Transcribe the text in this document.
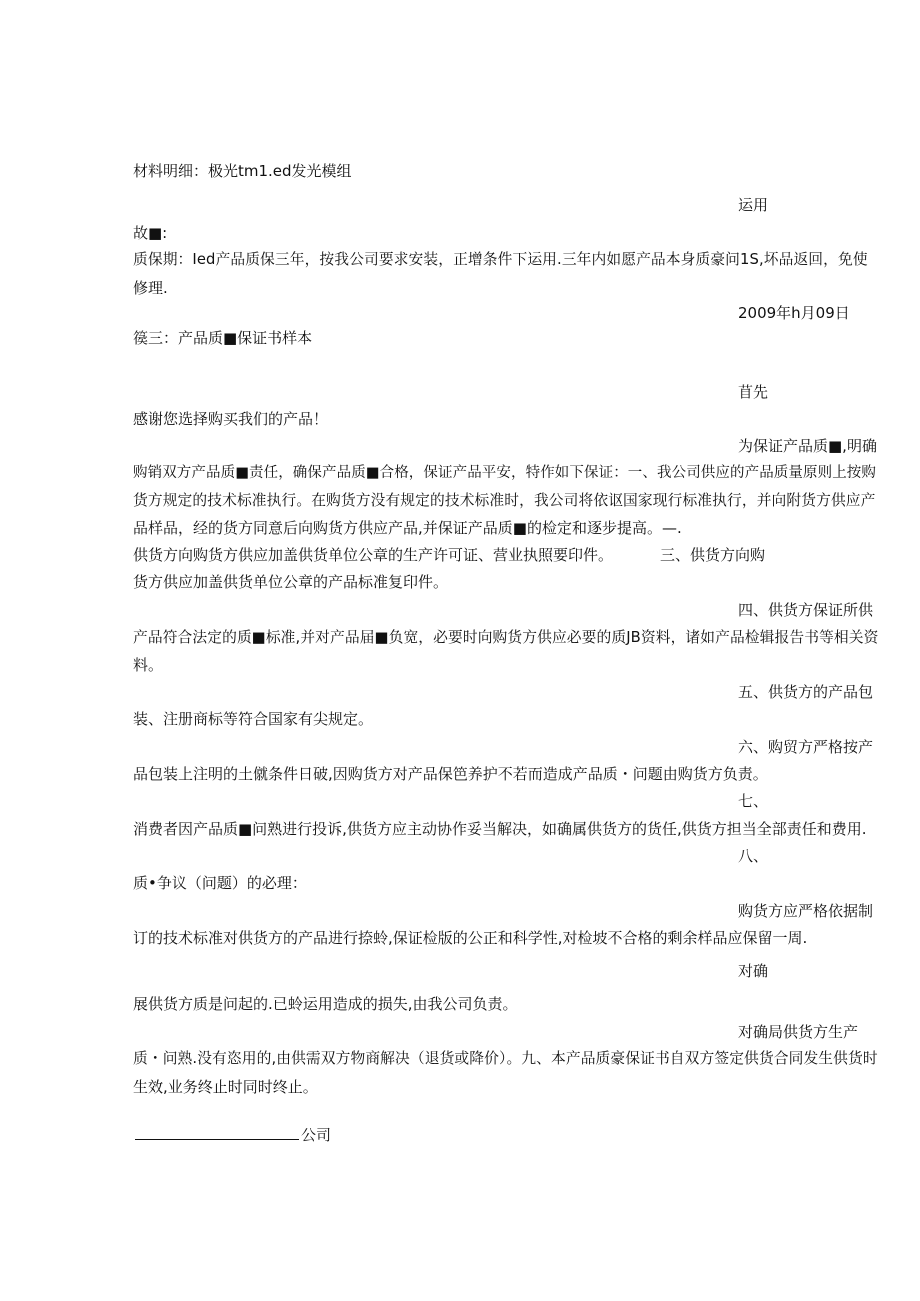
材料明细：极光tm1.ed发光模组
运用
故■:
质保期：Ied产品质保三年，按我公司要求安装，正增条件下运用.三年内如愿产品本身质豪问1S,坏品返回，免使
修理.
2009年h月09日
篌三：产品质■保证书样本
苜先
感谢您选择购买我们的产品！
为保证产品质■,明确
购销双方产品质■责任，确保产品质■合格，保证产品平安，特作如下保证：一、我公司供应的产品质量原则上按购
货方规定的技术标准执行。在购货方没有规定的技术标准时，我公司将依讴国家现行标准执行，并向附货方供应产
品样品，经的货方同意后向购货方供应产品,并保证产品质■的检定和逐步提高。—.
供货方向购货方供应加盖供货单位公章的生产许可证、营业执照要印件。	三、供货方向购
货方供应加盖供货单位公章的产品标准复印件。
四、供货方保证所供
产品符合法定的质■标准,并对产品届■负宽，必要时向购货方供应必要的质JB资料，诸如产品检辑报告书等相关资
料。
五、供货方的产品包
装、注册商标等符合国家有尖规定。
六、购贸方严格按产
品包装上注明的土僦条件日破,因购货方对产品保笆养护不若而造成产品质・问题由购货方负责。
七、
消费者因产品质■问熟进行投诉,供货方应主动协作妥当解决，如确属供货方的货任,供货方担当全部责任和费用.
八、
质•争议（问题）的必理：
购货方应严格依据制
订的技术标准对供货方的产品进行捺蛉,保证检版的公正和科学性,对检坡不合格的剩余样品应保留一周.
对确
展供货方质是问起的.已蛉运用造成的损失,由我公司负责。
对确局供货方生产
质・问熟.没有恣用的,由供需双方物商解决（退货或降价）。九、本产品质豪保证书自双方签定供货合同发生供货时
生效,业务终止时同时终止。
公司
